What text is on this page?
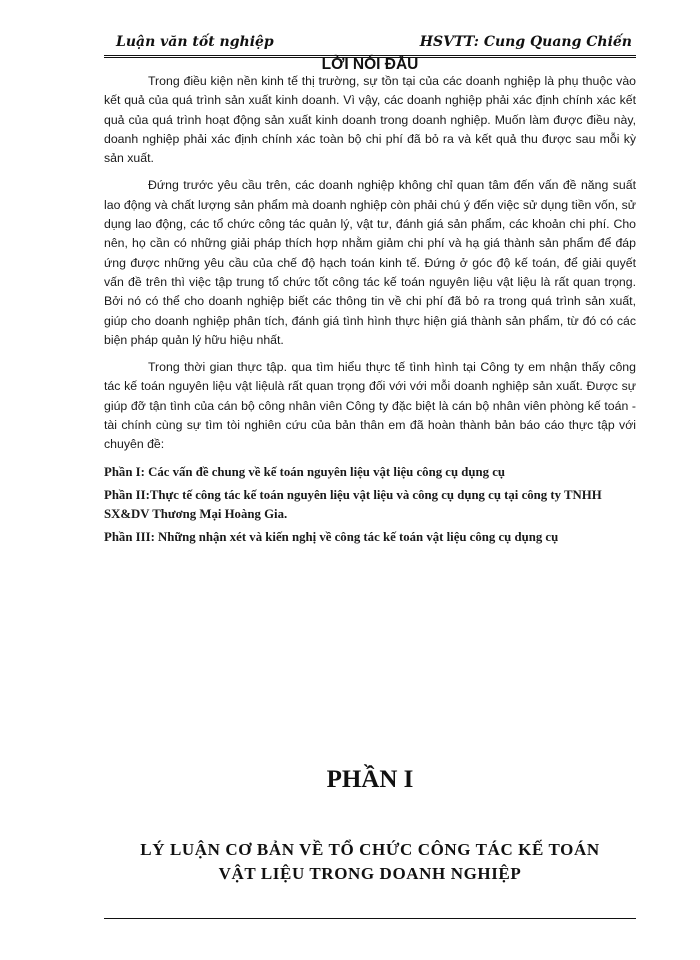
Luận văn tốt nghiệp	HSVTT: Cung Quang Chiến
LỜI NÓI ĐẦU

Trong điều kiện nền kinh tế thị trường, sự tồn tại của các doanh nghiệp là phụ thuộc vào kết quả của quá trình sản xuất kinh doanh. Vì vậy, các doanh nghiệp phải xác định chính xác kết quả của quá trình hoạt động sản xuất kinh doanh trong doanh nghiệp. Muốn làm được điều này, doanh nghiệp phải xác định chính xác toàn bộ chi phí đã bỏ ra và kết quả thu được sau mỗi kỳ sản xuất.

Đứng trước yêu cầu trên, các doanh nghiệp không chỉ quan tâm đến vấn đề năng suất lao động và chất lượng sản phẩm mà doanh nghiệp còn phải chú ý đến việc sử dụng tiền vốn, sử dụng lao động, các tổ chức công tác quản lý, vật tư, đánh giá sản phẩm, các khoản chi phí. Cho nên, họ cần có những giải pháp thích hợp nhằm giảm chi phí và hạ giá thành sản phẩm để đáp ứng được những yêu cầu của chế độ hạch toán kinh tế. Đứng ở góc độ kế toán, để giải quyết vấn đề trên thì việc tập trung tổ chức tốt công tác kế toán nguyên liệu vật liệu là rất quan trọng. Bởi nó có thể cho doanh nghiệp biết các thông tin về chi phí đã bỏ ra trong quá trình sản xuất, giúp cho doanh nghiệp phân tích, đánh giá tình hình thực hiện giá thành sản phẩm, từ đó có các biện pháp quản lý hữu hiệu nhất.

Trong thời gian thực tập. qua tìm hiểu thực tế tình hình tại Công ty em nhận thấy công tác kế toán nguyên liệu vật liệulà rất quan trọng đối với với mỗi doanh nghiệp sản xuất. Được sự giúp đỡ tận tình của cán bộ công nhân viên Công ty đặc biệt là cán bộ nhân viên phòng kế toán - tài chính cùng sự tìm tòi nghiên cứu của bản thân em đã hoàn thành bản báo cáo thực tập với chuyên đề:

Phần I: Các vấn đề chung về kế toán nguyên liệu vật liệu công cụ dụng cụ

Phần II:Thực tế công tác kế toán nguyên liệu vật liệu và công cụ dụng cụ tại công ty TNHH SX&DV Thương Mại Hoàng Gia.

Phần III: Những nhận xét và kiến nghị về công tác kế toán vật liệu công cụ dụng cụ

PHẦN I
LÝ LUẬN CƠ BẢN VỀ TỔ CHỨC CÔNG TÁC KẾ TOÁN
VẬT LIỆU TRONG DOANH NGHIỆP
